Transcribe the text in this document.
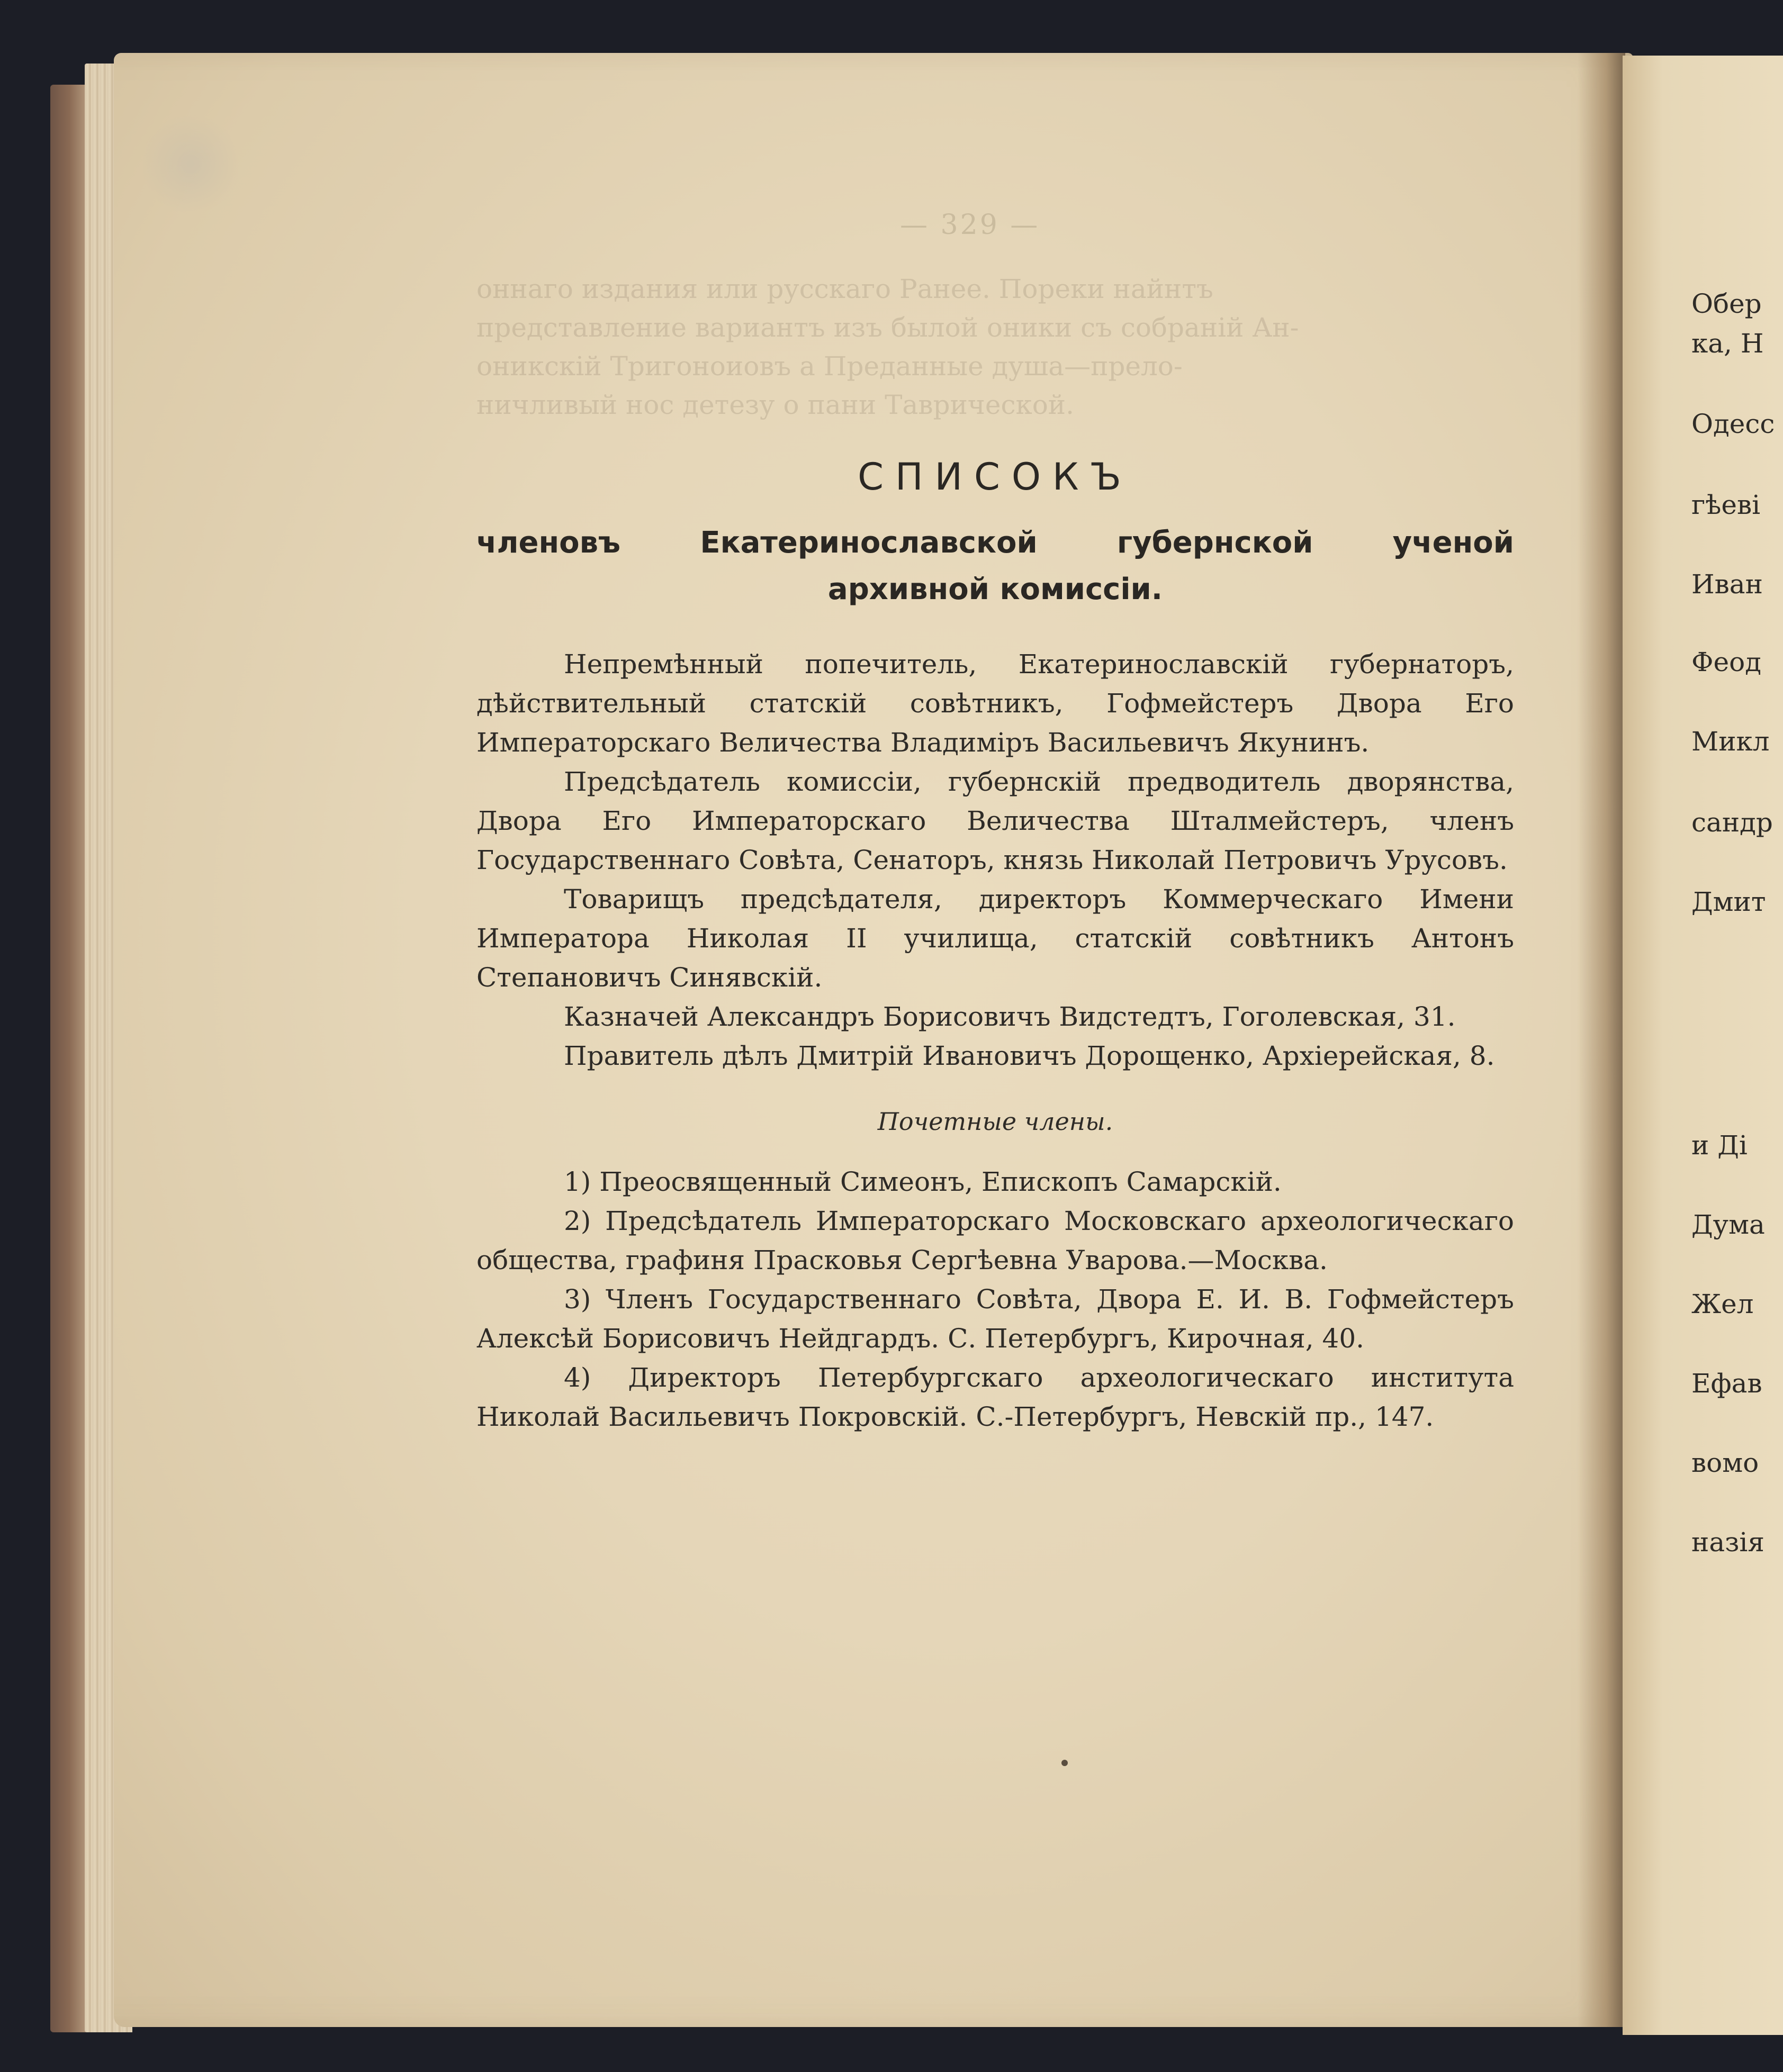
— 329 —
оннаго издания или русскаго Ранее. Пореки найнтъ
представление вариантъ изъ былой оники съ собраній Ан-
оникскій Тригоноиовъ а Преданные душа—прело-
ничливый нос детезу о пани Таврической.
СПИСОКЪ
членовъ Екатеринославской губернской ученой
архивной комиссіи.

Непремѣнный попечитель, Екатеринославскій губернаторъ, дѣйствительный статскій совѣтникъ, Гофмейстеръ Двора Его Императорскаго Величества Владиміръ Васильевичъ Якунинъ.

Предсѣдатель комиссіи, губернскій предводитель дворянства, Двора Его Императорскаго Величества Шталмейстеръ, членъ Государственнаго Совѣта, Сенаторъ, князь Николай Петровичъ Урусовъ.

Товарищъ предсѣдателя, директоръ Коммерческаго Имени Императора Николая II училища, статскій совѣтникъ Антонъ Степановичъ Синявскій.

Казначей Александръ Борисовичъ Видстедтъ, Гоголевская, 31.

Правитель дѣлъ Дмитрій Ивановичъ Дорощенко, Архіерейская, 8.

Почетные члены.

1) Преосвященный Симеонъ, Епископъ Самарскій.

2) Предсѣдатель Императорскаго Московскаго археологическаго общества, графиня Прасковья Сергѣевна Уварова.—Москва.

3) Членъ Государственнаго Совѣта, Двора Е. И. В. Гофмейстеръ Алексѣй Борисовичъ Нейдгардъ. С. Петербургъ, Кирочная, 40.

4) Директоръ Петербургскаго археологическаго института Николай Васильевичъ Покровскій. С.-Петербургъ, Невскій пр., 147.

Обер
ка, Н
Одесс
гѣеві
Иван
Феод
Микл
сандр
Дмит
и Ді
Дума
Жел
Ефав
вомо
назія
